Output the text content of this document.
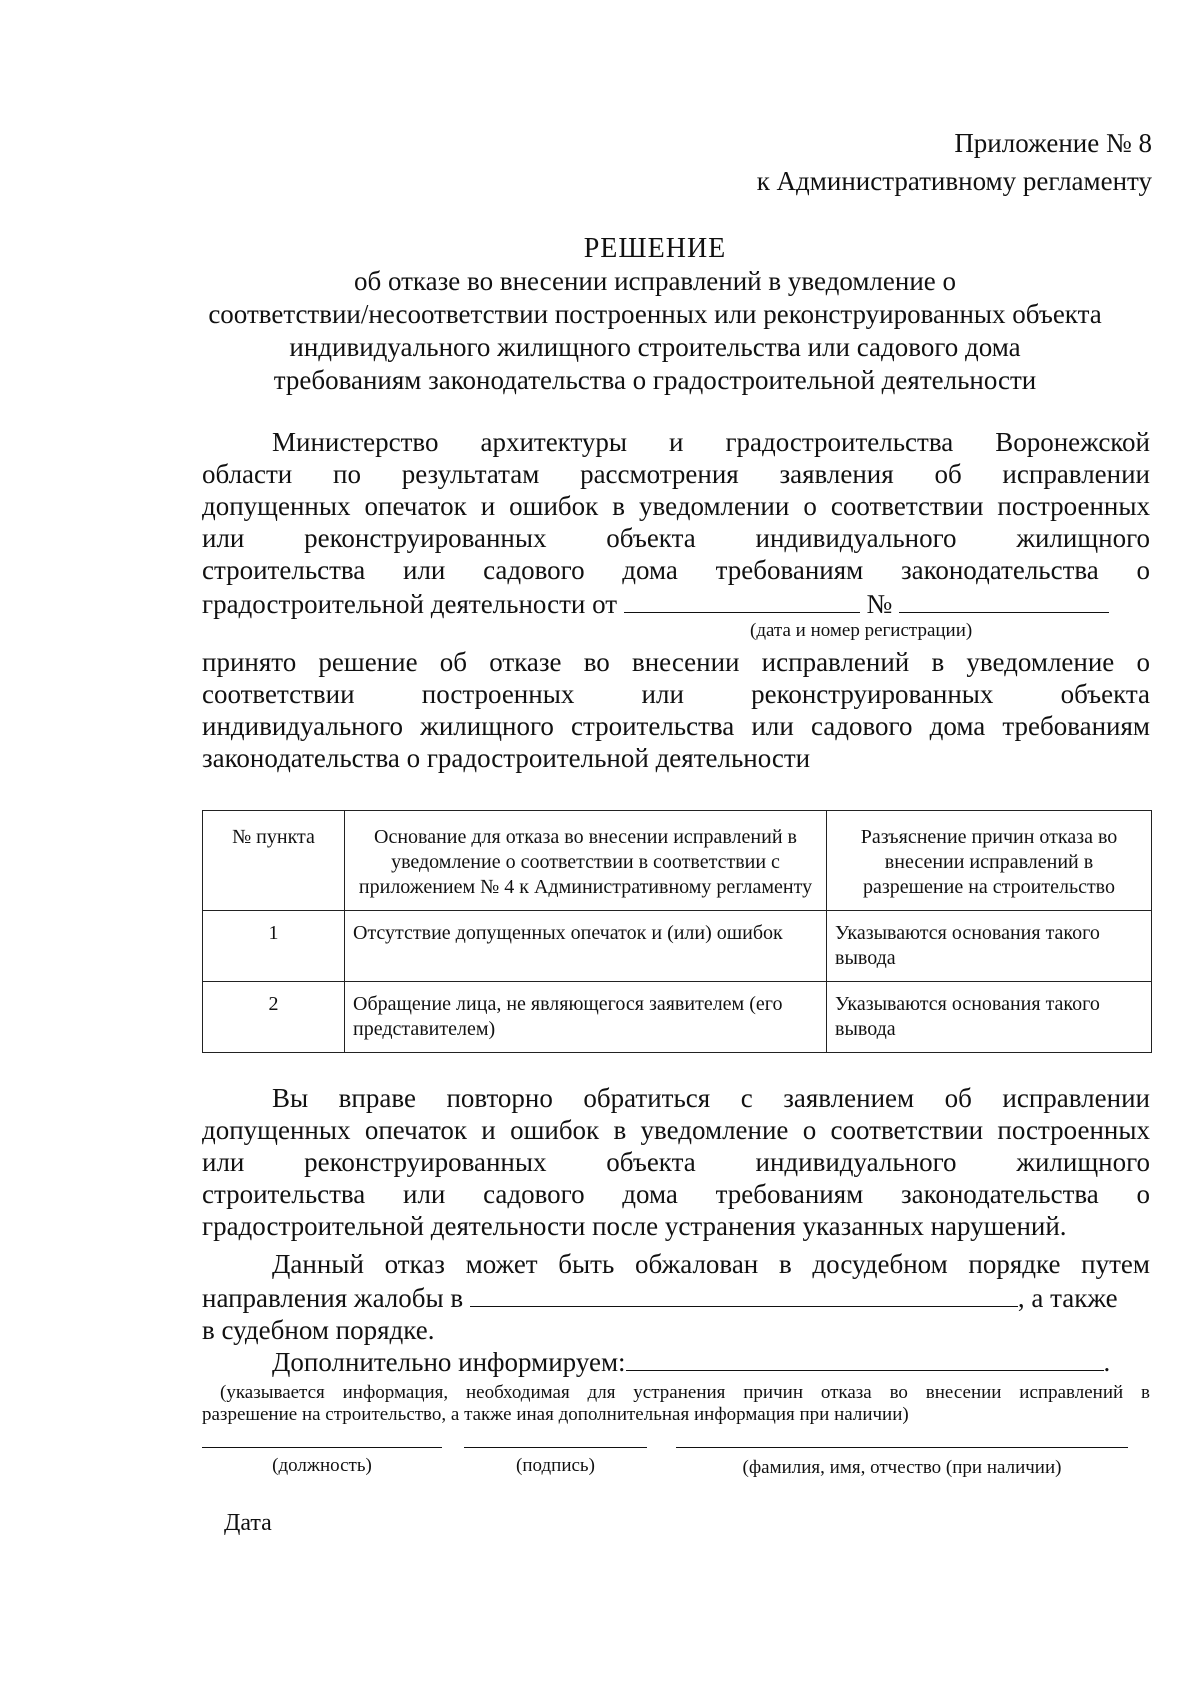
Приложение № 8
к Административному регламенту
РЕШЕНИЕ
об отказе во внесении исправлений в уведомление о
соответствии/несоответствии построенных или реконструированных объекта
индивидуального жилищного строительства или садового дома
требованиям законодательства о градостроительной деятельности
Министерство архитектуры и градостроительства Воронежской
области по результатам рассмотрения заявления об исправлении
допущенных опечаток и ошибок в уведомлении о соответствии построенных
или реконструированных объекта индивидуального жилищного
строительства или садового дома требованиям законодательства о
градостроительной деятельности от	№
(дата и номер регистрации)
принято решение об отказе во внесении исправлений в уведомление о
соответствии построенных или реконструированных объекта
индивидуального жилищного строительства или садового дома требованиям
законодательства о градостроительной деятельности
№ пункта	Основание для отказа во внесении исправлений в уведомление о соответствии в соответствии с приложением № 4 к Административному регламенту	Разъяснение причин отказа во внесении исправлений в разрешение на строительство
1	Отсутствие допущенных опечаток и (или) ошибок	Указываются основания такого вывода
2	Обращение лица, не являющегося заявителем (его представителем)	Указываются основания такого вывода
Вы вправе повторно обратиться с заявлением об исправлении
допущенных опечаток и ошибок в уведомление о соответствии построенных
или реконструированных объекта индивидуального жилищного
строительства или садового дома требованиям законодательства о
градостроительной деятельности после устранения указанных нарушений.
Данный отказ может быть обжалован в досудебном порядке путем
направления жалобы в	, а также
в судебном порядке.
Дополнительно информируем:	.
(указывается информация, необходимая для устранения причин отказа во внесении исправлений в
разрешение на строительство, а также иная дополнительная информация при наличии)
(должность)	(подпись)	(фамилия, имя, отчество (при наличии)
Дата
